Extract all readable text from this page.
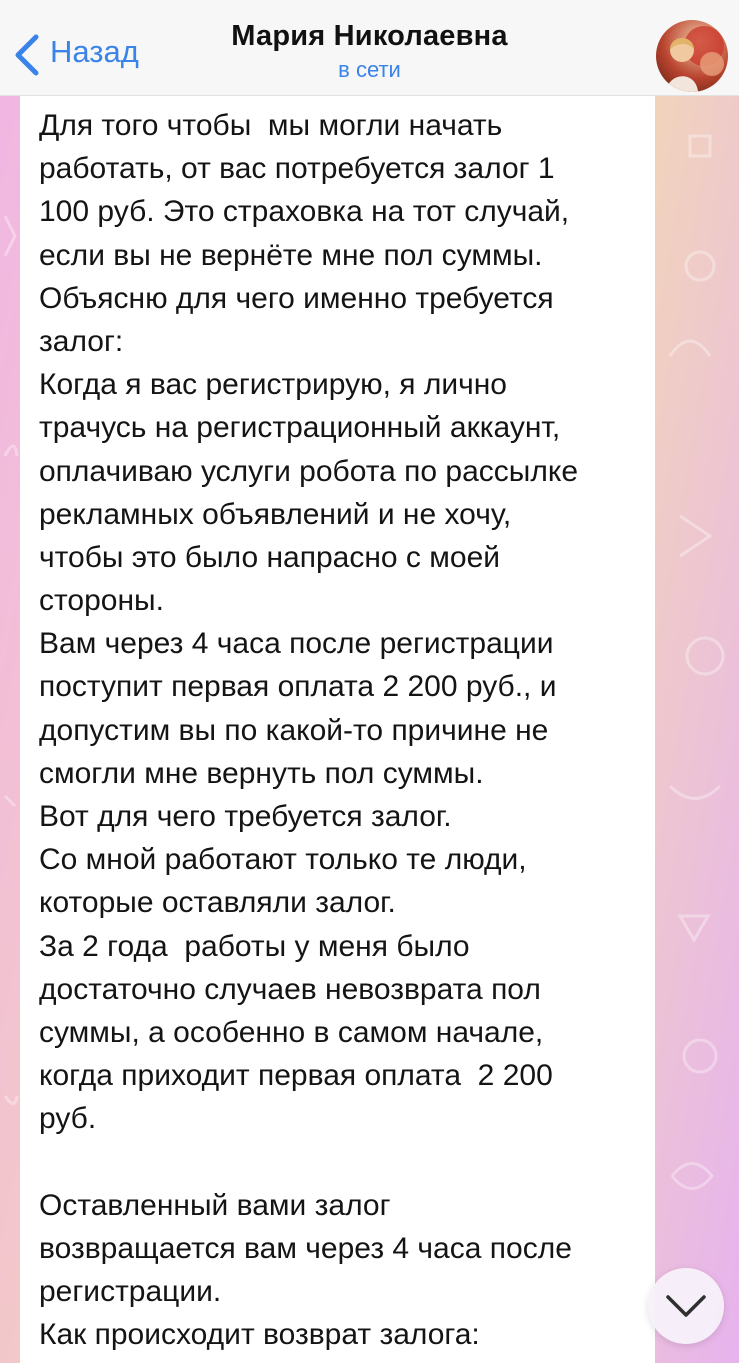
Назад	Мария Николаевна
в сети
Для того чтобы  мы могли начать
работать, от вас потребуется залог 1
100 руб. Это страховка на тот случай,
если вы не вернёте мне пол суммы.
Объясню для чего именно требуется
залог:
Когда я вас регистрирую, я лично
трачусь на регистрационный аккаунт,
оплачиваю услуги робота по рассылке
рекламных объявлений и не хочу,
чтобы это было напрасно с моей
стороны.
Вам через 4 часа после регистрации
поступит первая оплата 2 200 руб., и
допустим вы по какой-то причине не
смогли мне вернуть пол суммы.
Вот для чего требуется залог.
Со мной работают только те люди,
которые оставляли залог.
За 2 года  работы у меня было
достаточно случаев невозврата пол
суммы, а особенно в самом начале,
когда приходит первая оплата  2 200
руб.
Оставленный вами залог
возвращается вам через 4 часа после
регистрации.
Как происходит возврат залога:
